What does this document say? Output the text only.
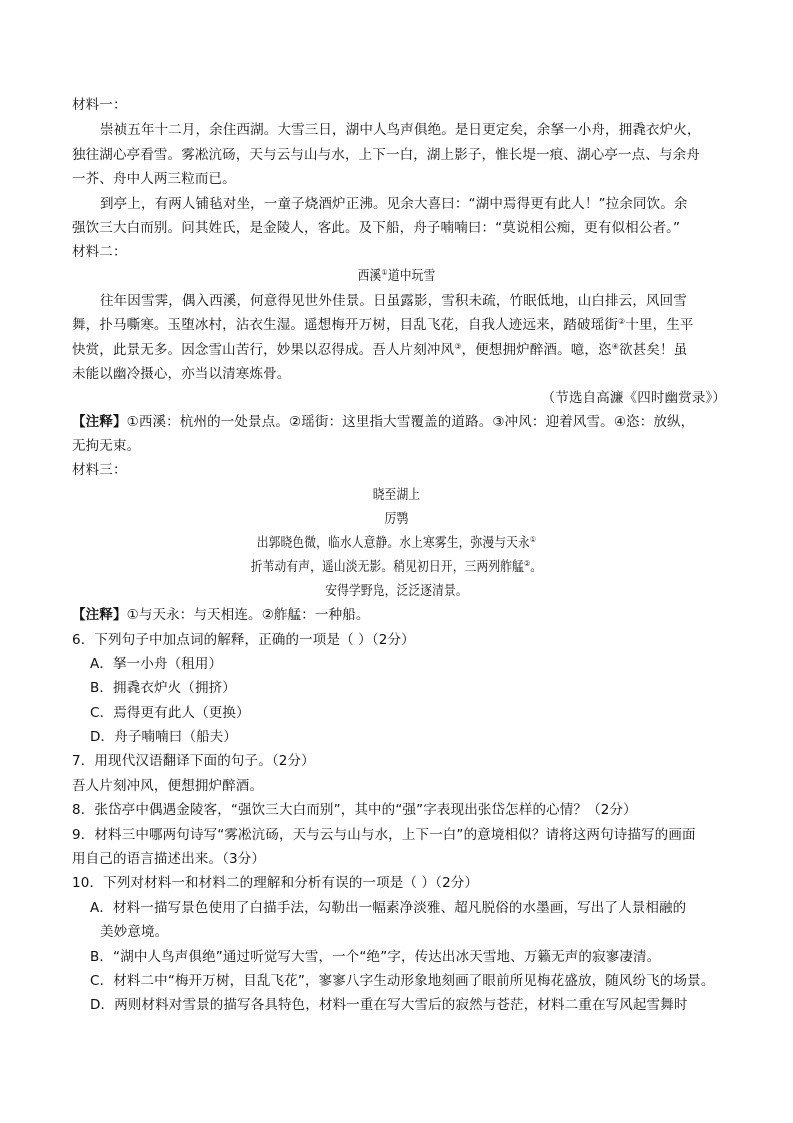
材料一：
崇祯五年十二月，余住西湖。大雪三日，湖中人鸟声俱绝。是日更定矣，余拏一小舟，拥毳衣炉火，
独往湖心亭看雪。雾凇沆砀，天与云与山与水，上下一白，湖上影子，惟长堤一痕、湖心亭一点、与余舟
一芥、舟中人两三粒而已。
到亭上，有两人铺毡对坐，一童子烧酒炉正沸。见余大喜曰：“湖中焉得更有此人！”拉余同饮。余
强饮三大白而别。问其姓氏，是金陵人，客此。及下船，舟子喃喃曰：“莫说相公痴，更有似相公者。”
材料二：
西溪①道中玩雪
往年因雪霁，偶入西溪，何意得见世外佳景。日虽露影，雪积未疏，竹眠低地，山白排云，风回雪
舞，扑马嘶寒。玉堕冰村，沾衣生湿。遥想梅开万树，目乱飞花，自我人迹远来，踏破瑶街②十里，生平
快赏，此景无多。因念雪山苦行，妙果以忍得成。吾人片刻冲风③，便想拥炉醉酒。噫，恣④欲甚矣！虽
未能以幽冷摄心，亦当以清寒炼骨。
（节选自高濂《四时幽赏录》）
【注释】①西溪：杭州的一处景点。②瑶街：这里指大雪覆盖的道路。③冲风：迎着风雪。④恣：放纵，
无拘无束。
材料三：
晓至湖上
厉鹗
出郭晓色微，临水人意静。水上寒雾生，弥漫与天永①
折苇动有声，遥山淡无影。稍见初日开，三两列舴艋②。
安得学野凫，泛泛逐清景。
【注释】①与天永：与天相连。②舴艋：一种船。
6．下列句子中加点词的解释，正确的一项是（ ）（2分）
A．拏一小舟（租用）
B．拥毳衣炉火（拥挤）
C．焉得更有此人（更换）
D．舟子喃喃曰（船夫）
7．用现代汉语翻译下面的句子。（2分）
吾人片刻冲风，便想拥炉醉酒。
8．张岱亭中偶遇金陵客，“强饮三大白而别”，其中的“强”字表现出张岱怎样的心情？（2分）
9．材料三中哪两句诗写“雾凇沆砀，天与云与山与水，上下一白”的意境相似？请将这两句诗描写的画面
用自己的语言描述出来。（3分）
10．下列对材料一和材料二的理解和分析有误的一项是（ ）（2分）
A．材料一描写景色使用了白描手法，勾勒出一幅素净淡雅、超凡脱俗的水墨画，写出了人景相融的
美妙意境。
B．“湖中人鸟声俱绝”通过听觉写大雪，一个“绝”字，传达出冰天雪地、万籁无声的寂寥凄清。
C．材料二中“梅开万树，目乱飞花”，寥寥八字生动形象地刻画了眼前所见梅花盛放，随风纷飞的场景。
D．两则材料对雪景的描写各具特色，材料一重在写大雪后的寂然与苍茫，材料二重在写风起雪舞时
